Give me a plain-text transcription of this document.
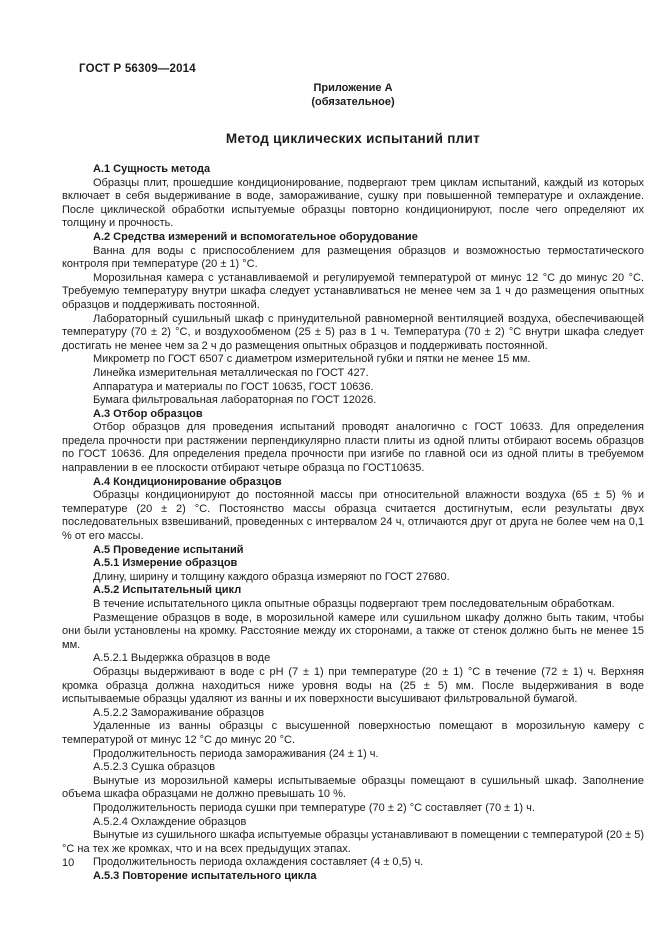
ГОСТ Р 56309—2014
Приложение А
(обязательное)
Метод циклических испытаний плит

А.1 Сущность метода

Образцы плит, прошедшие кондиционирование, подвергают трем циклам испытаний, каждый из которых включает в себя выдерживание в воде, замораживание, сушку при повышенной температуре и охлаждение. После циклической обработки испытуемые образцы повторно кондиционируют, после чего определяют их толщину и прочность.

А.2 Средства измерений и вспомогательное оборудование

Ванна для воды с приспособлением для размещения образцов и возможностью термостатического контроля при температуре (20 ± 1) °С.

Морозильная камера с устанавливаемой и регулируемой температурой от минус 12 °С до минус 20 °С. Требуемую температуру внутри шкафа следует устанавливаться не менее чем за 1 ч до размещения опытных образцов и поддерживать постоянной.

Лабораторный сушильный шкаф с принудительной равномерной вентиляцией воздуха, обеспечивающей температуру (70 ± 2) °С, и воздухообменом (25 ± 5) раз в 1 ч. Температура (70 ± 2) °С внутри шкафа следует достигать не менее чем за 2 ч до размещения опытных образцов и поддерживать постоянной.

Микрометр по ГОСТ 6507 с диаметром измерительной губки и пятки не менее 15 мм.

Линейка измерительная металлическая по ГОСТ 427.

Аппаратура и материалы по ГОСТ 10635, ГОСТ 10636.

Бумага фильтровальная лабораторная по ГОСТ 12026.

А.3 Отбор образцов

Отбор образцов для проведения испытаний проводят аналогично с ГОСТ 10633. Для определения предела прочности при растяжении перпендикулярно пласти плиты из одной плиты отбирают восемь образцов по ГОСТ 10636. Для определения предела прочности при изгибе по главной оси из одной плиты в требуемом направлении в ее плоскости отбирают четыре образца по ГОСТ10635.

А.4 Кондиционирование образцов

Образцы кондиционируют до постоянной массы при относительной влажности воздуха (65 ± 5) % и температуре (20 ± 2) °С. Постоянство массы образца считается достигнутым, если результаты двух последовательных взвешиваний, проведенных с интервалом 24 ч, отличаются друг от друга не более чем на 0,1 % от его массы.

А.5 Проведение испытаний

А.5.1 Измерение образцов

Длину, ширину и толщину каждого образца измеряют по ГОСТ 27680.

А.5.2 Испытательный цикл

В течение испытательного цикла опытные образцы подвергают трем последовательным обработкам.

Размещение образцов в воде, в морозильной камере или сушильном шкафу должно быть таким, чтобы они были установлены на кромку. Расстояние между их сторонами, а также от стенок должно быть не менее 15 мм.

А.5.2.1 Выдержка образцов в воде

Образцы выдерживают в воде с рН (7 ± 1) при температуре (20 ± 1) °С в течение (72 ± 1) ч. Верхняя кромка образца должна находиться ниже уровня воды на (25 ± 5) мм. После выдерживания в воде испытываемые образцы удаляют из ванны и их поверхности высушивают фильтровальной бумагой.

А.5.2.2 Замораживание образцов

Удаленные из ванны образцы с высушенной поверхностью помещают в морозильную камеру с температурой от минус 12 °С до минус 20 °С.

Продолжительность периода замораживания (24 ± 1) ч.

А.5.2.3 Сушка образцов

Вынутые из морозильной камеры испытываемые образцы помещают в сушильный шкаф. Заполнение объема шкафа образцами не должно превышать 10 %.

Продолжительность периода сушки при температуре (70 ± 2) °С составляет (70 ± 1) ч.

А.5.2.4 Охлаждение образцов

Вынутые из сушильного шкафа испытуемые образцы устанавливают в помещении с температурой (20 ± 5) °С на тех же кромках, что и на всех предыдущих этапах.

Продолжительность периода охлаждения составляет (4 ± 0,5) ч.

А.5.3 Повторение испытательного цикла

10
